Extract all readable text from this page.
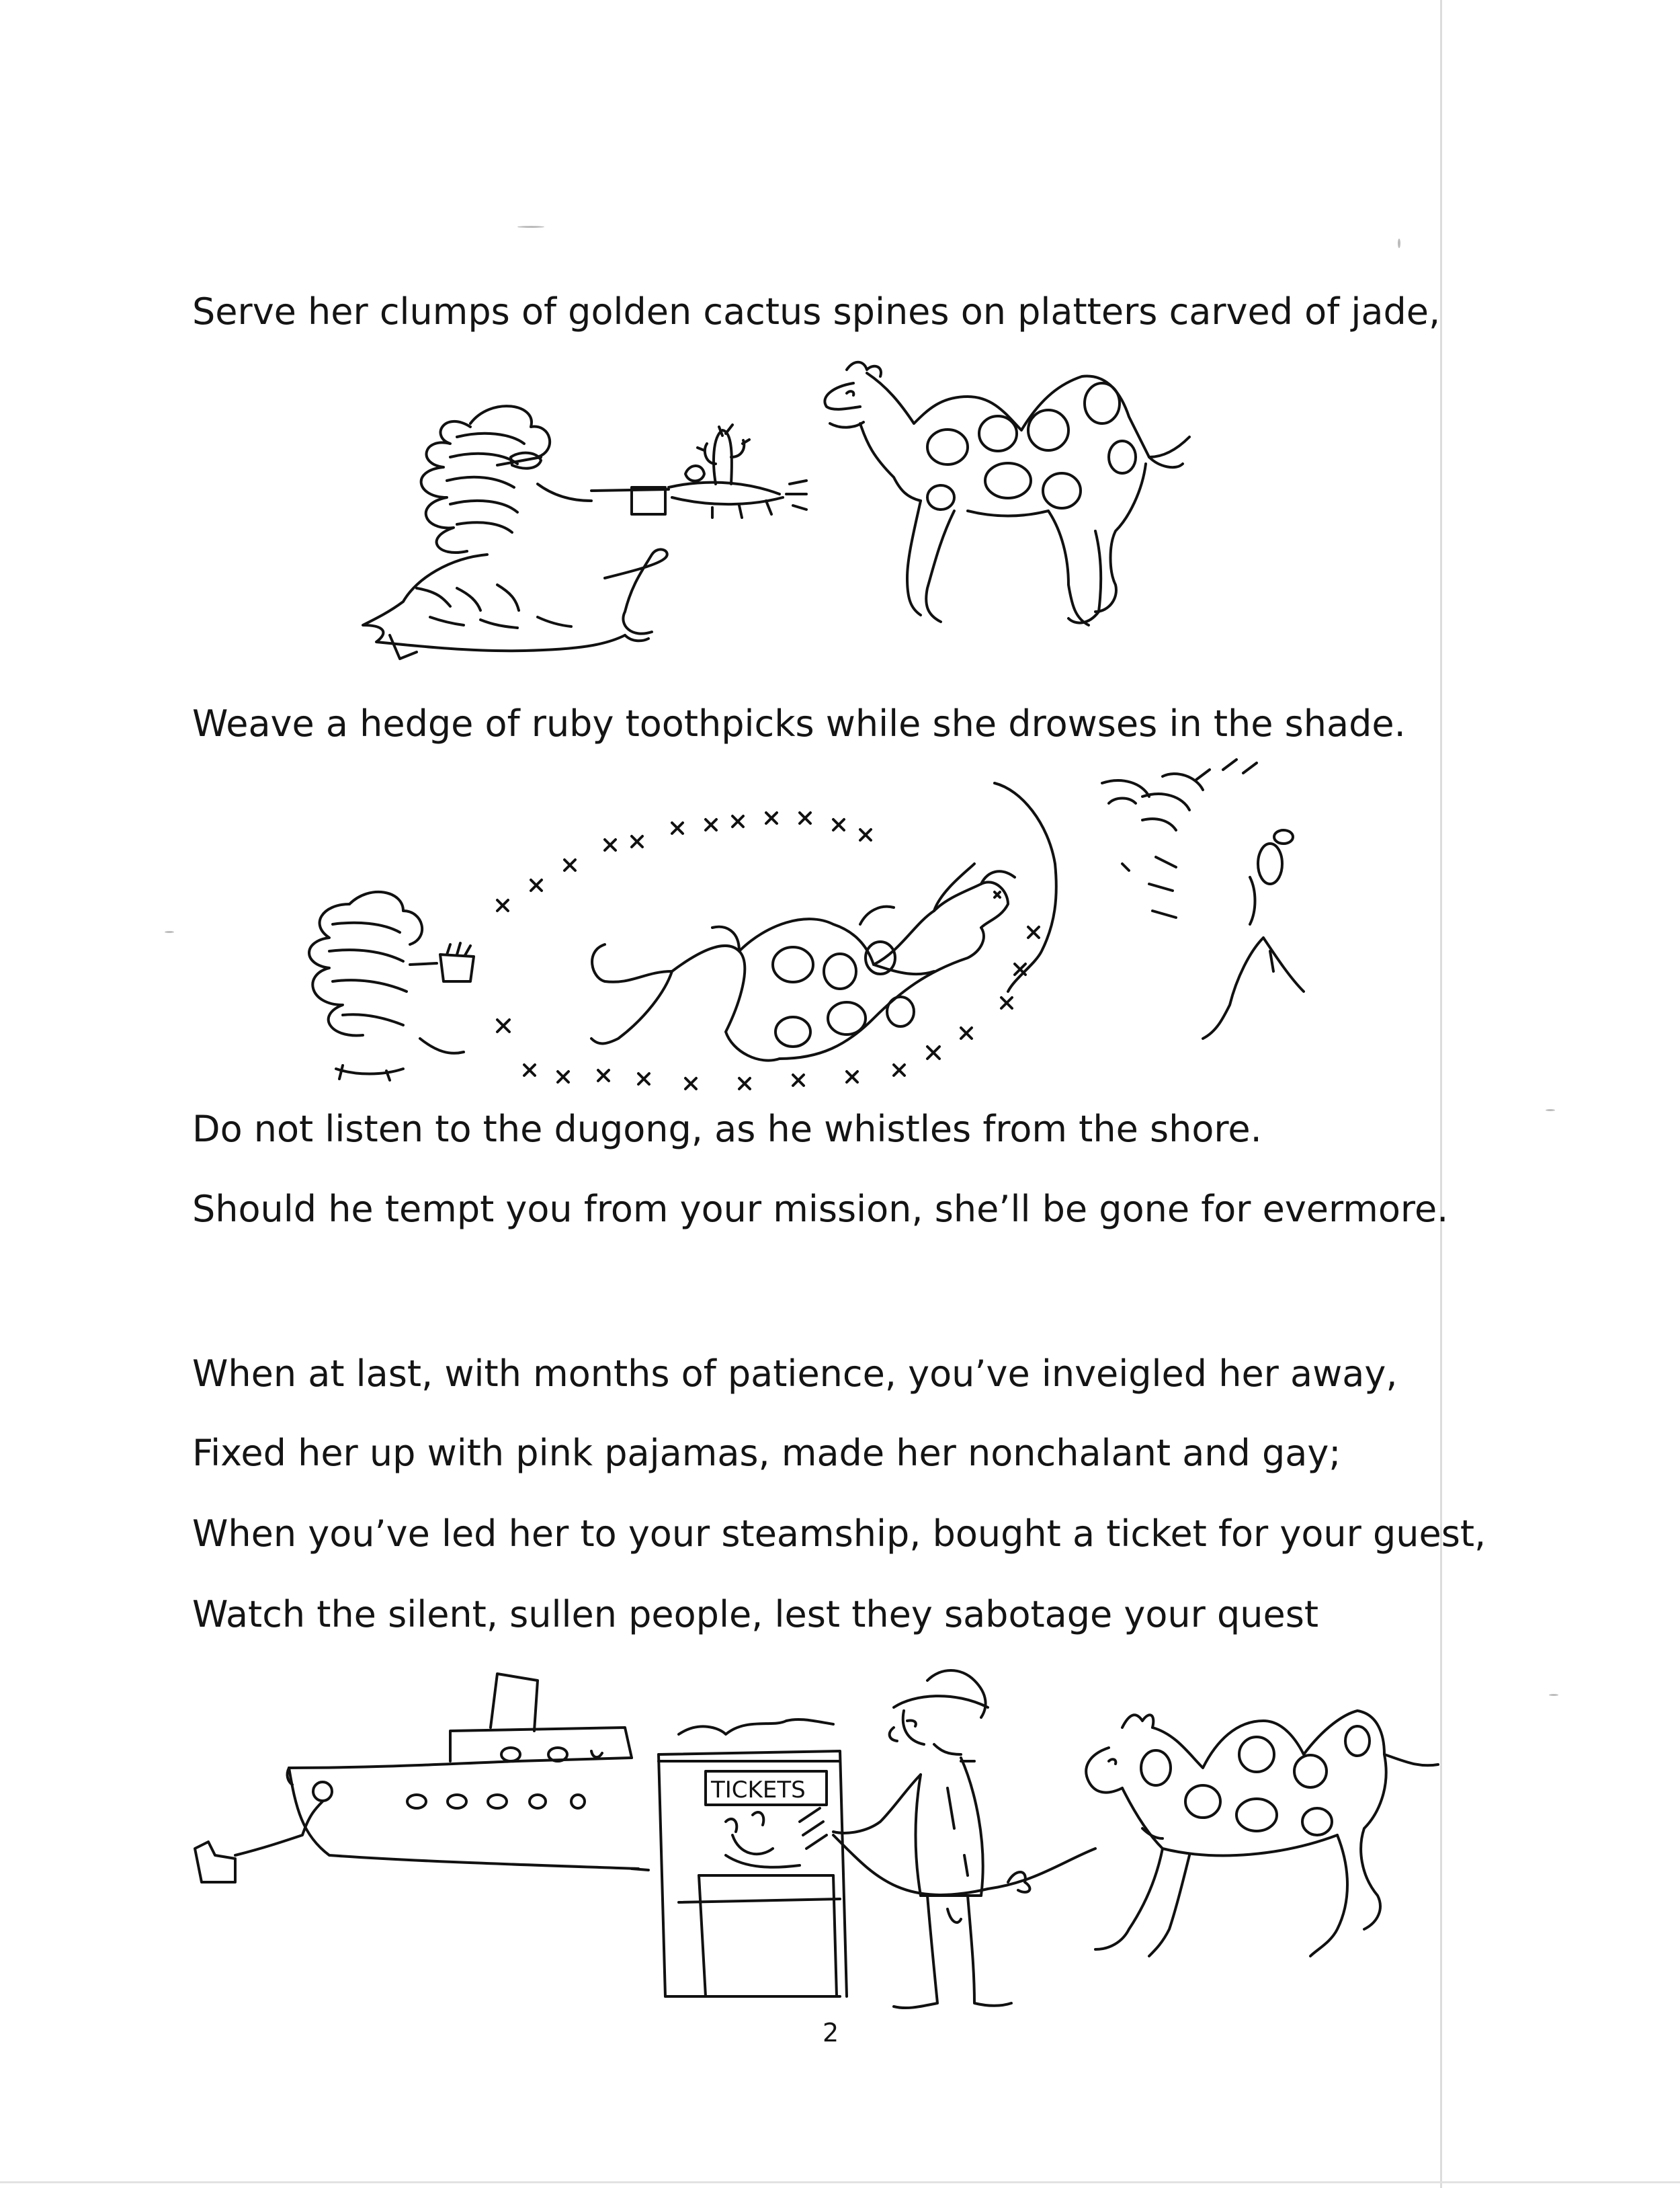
Serve her clumps of golden cactus spines on platters carved of jade,

Weave a hedge of ruby toothpicks while she drowses in the shade.

Do not listen to the dugong, as he whistles from the shore.

Should he tempt you from your mission, she’ll be gone for evermore.

When at last, with months of patience, you’ve inveigled her away,

Fixed her up with pink pajamas, made her nonchalant and gay;

When you’ve led her to your steamship, bought a ticket for your guest,

Watch the silent, sullen people, lest they sabotage your quest

TICKETS
2
